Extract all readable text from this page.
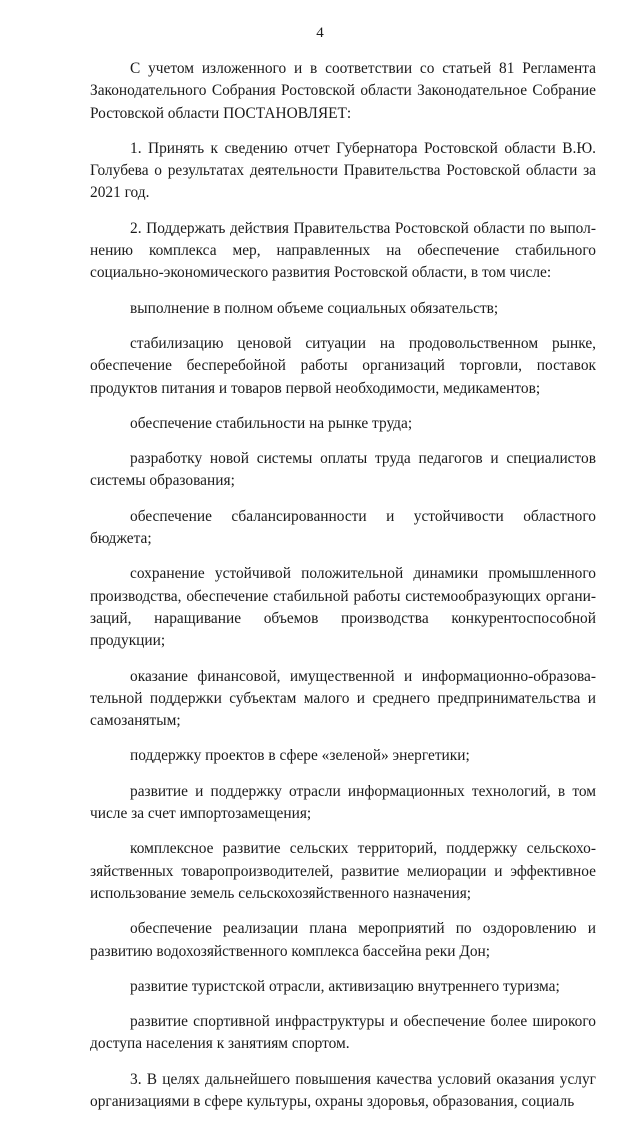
4

С учетом изложенного и в соответствии со статьей 81 Регламента Законодательного Собрания Ростовской области Законодательное Собрание Ростовской области ПОСТАНОВЛЯЕТ:

1. Принять к сведению отчет Губернатора Ростовской области В.Ю. Голубева о результатах деятельности Правительства Ростовской области за 2021 год.

2. Поддержать действия Правительства Ростовской области по выполнению комплекса мер, направленных на обеспечение стабильного социально-экономического развития Ростовской области, в том числе:

выполнение в полном объеме социальных обязательств;

стабилизацию ценовой ситуации на продовольственном рынке, обеспечение бесперебойной работы организаций торговли, поставок продуктов питания и товаров первой необходимости, медикаментов;

обеспечение стабильности на рынке труда;

разработку новой системы оплаты труда педагогов и специалистов системы образования;

обеспечение сбалансированности и устойчивости областного бюджета;

сохранение устойчивой положительной динамики промышленного производства, обеспечение стабильной работы системообразующих организаций, наращивание объемов производства конкурентоспособной продукции;

оказание финансовой, имущественной и информационно-образовательной поддержки субъектам малого и среднего предпринимательства и самозанятым;

поддержку проектов в сфере «зеленой» энергетики;

развитие и поддержку отрасли информационных технологий, в том числе за счет импортозамещения;

комплексное развитие сельских территорий, поддержку сельскохозяйственных товаропроизводителей, развитие мелиорации и эффективное использование земель сельскохозяйственного назначения;

обеспечение реализации плана мероприятий по оздоровлению и развитию водохозяйственного комплекса бассейна реки Дон;

развитие туристской отрасли, активизацию внутреннего туризма;

развитие спортивной инфраструктуры и обеспечение более широкого доступа населения к занятиям спортом.

3. В целях дальнейшего повышения качества условий оказания услуг организациями в сфере культуры, охраны здоровья, образования, социаль
